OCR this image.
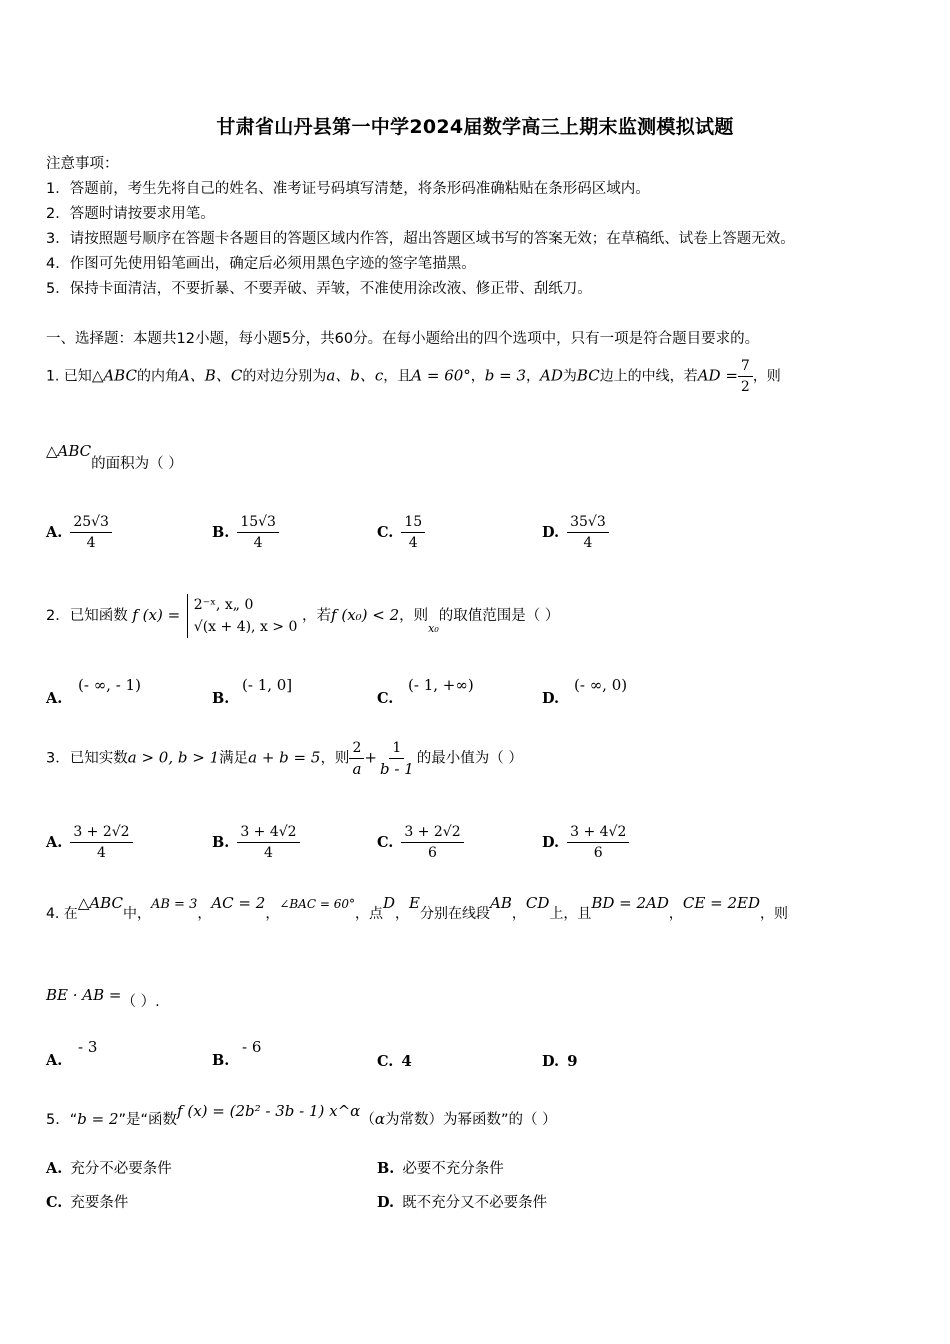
甘肃省山丹县第一中学2024届数学高三上期末监测模拟试题
注意事项：
1．答题前，考生先将自己的姓名、准考证号码填写清楚，将条形码准确粘贴在条形码区域内。
2．答题时请按要求用笔。
3．请按照题号顺序在答题卡各题目的答题区域内作答，超出答题区域书写的答案无效；在草稿纸、试卷上答题无效。
4．作图可先使用铅笔画出，确定后必须用黑色字迹的签字笔描黑。
5．保持卡面清洁，不要折暴、不要弄破、弄皱，不准使用涂改液、修正带、刮纸刀。
一、选择题：本题共12小题，每小题5分，共60分。在每小题给出的四个选项中，只有一项是符合题目要求的。
1. 已知△ABC的内角A、B、C的对边分别为a、b、c，且A = 60°，b = 3，AD为BC边上的中线，若AD = $\frac{7}{2}$ ，则
△ABC的面积为（ ）
A. $\frac{25√3}{4}$	B. $\frac{15√3}{4}$	C. $\frac{15}{4}$	D. $\frac{35√3}{4}$
2．已知函数 f (x) = 2⁻ˣ, x„ 0
√(x + 4), x > 0 ，若f (x₀) < 2，则$_{x_0}$的取值范围是（ ）
A.
(- ∞, - 1)
B.
(- 1, 0]
C.
(- 1, +∞)
D.
(- ∞, 0)
3．已知实数a > 0, b > 1满足a + b = 5，则 $\frac{2}{a} + \frac{1}{b - 1}$ 的最小值为（ ）
A. $\frac{3 + 2√2}{4}$	B. $\frac{3 + 4√2}{4}$	C. $\frac{3 + 2√2}{6}$	D. $\frac{3 + 4√2}{6}$
4. 在△ABC中，AB = 3，AC = 2，∠BAC = 60°，点D，E分别在线段AB，CD上，且BD = 2AD，CE = 2ED，则
BE · AB =（ ）.
A.
- 3
B.
- 6
C. 4	D. 9
5．“b = 2”是“函数f (x) = (2b² - 3b - 1) x^α（α为常数）为幂函数”的（ ）
A. 充分不必要条件	B. 必要不充分条件
C. 充要条件	D. 既不充分又不必要条件
